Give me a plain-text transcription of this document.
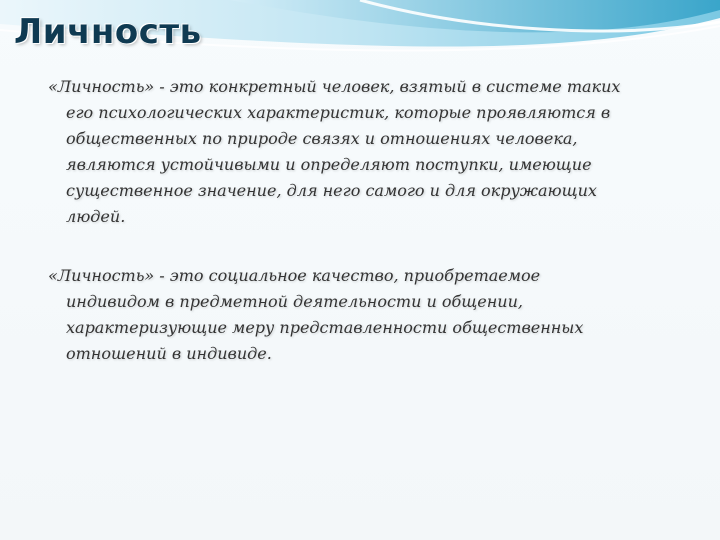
Личность

«Личность» - это конкретный человек, взятый в системе таких его психологических характеристик, которые проявляются в общественных по природе связях и отношениях человека, являются устойчивыми и определяют поступки, имеющие существенное значение, для него самого и для окружающих людей.

«Личность» - это социальное качество, приобретаемое индивидом в предметной деятельности и общении, характеризующие меру представленности общественных отношений в индивиде.
